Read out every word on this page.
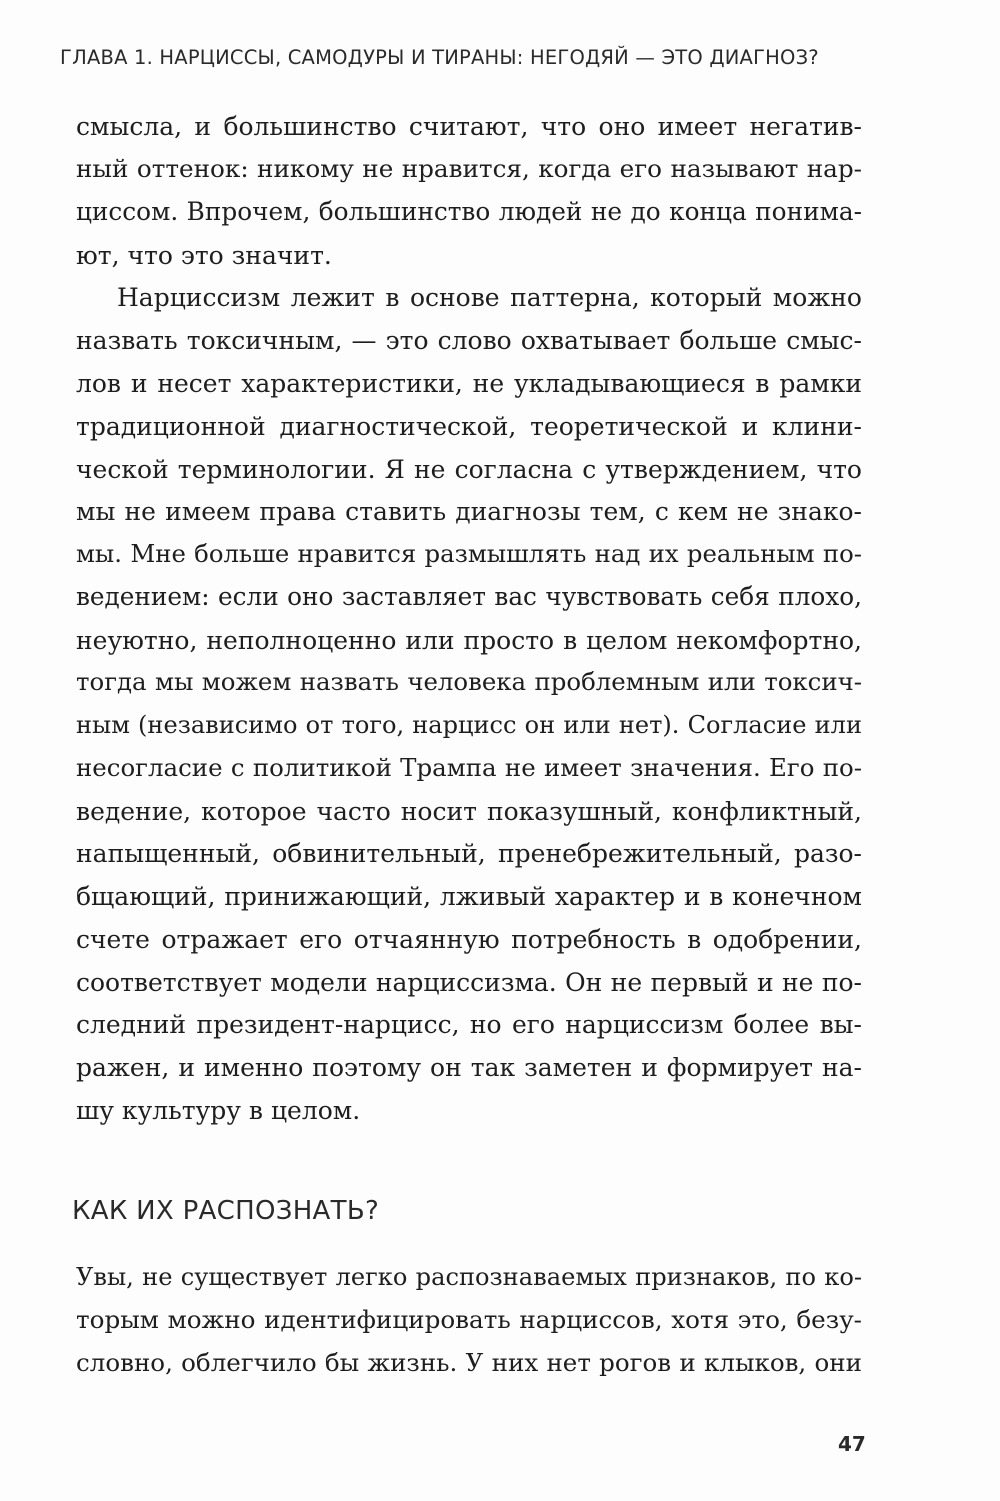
ГЛАВА 1. НАРЦИССЫ, САМОДУРЫ И ТИРАНЫ: НЕГОДЯЙ — ЭТО ДИАГНОЗ?
смысла, и большинство считают, что оно имеет негатив-
ный оттенок: никому не нравится, когда его называют нар-
циссом. Впрочем, большинство людей не до конца понима-
ют, что это значит.
Нарциссизм лежит в основе паттерна, который можно
назвать токсичным, — это слово охватывает больше смыс-
лов и несет характеристики, не укладывающиеся в рамки
традиционной диагностической, теоретической и клини-
ческой терминологии. Я не согласна с утверждением, что
мы не имеем права ставить диагнозы тем, с кем не знако-
мы. Мне больше нравится размышлять над их реальным по-
ведением: если оно заставляет вас чувствовать себя плохо,
неуютно, неполноценно или просто в целом некомфортно,
тогда мы можем назвать человека проблемным или токсич-
ным (независимо от того, нарцисс он или нет). Согласие или
несогласие с политикой Трампа не имеет значения. Его по-
ведение, которое часто носит показушный, конфликтный,
напыщенный, обвинительный, пренебрежительный, разо-
бщающий, принижающий, лживый характер и в конечном
счете отражает его отчаянную потребность в одобрении,
соответствует модели нарциссизма. Он не первый и не по-
следний президент-нарцисс, но его нарциссизм более вы-
ражен, и именно поэтому он так заметен и формирует на-
шу культуру в целом.
КАК ИХ РАСПОЗНАТЬ?
Увы, не существует легко распознаваемых признаков, по ко-
торым можно идентифицировать нарциссов, хотя это, безу-
словно, облегчило бы жизнь. У них нет рогов и клыков, они
47
